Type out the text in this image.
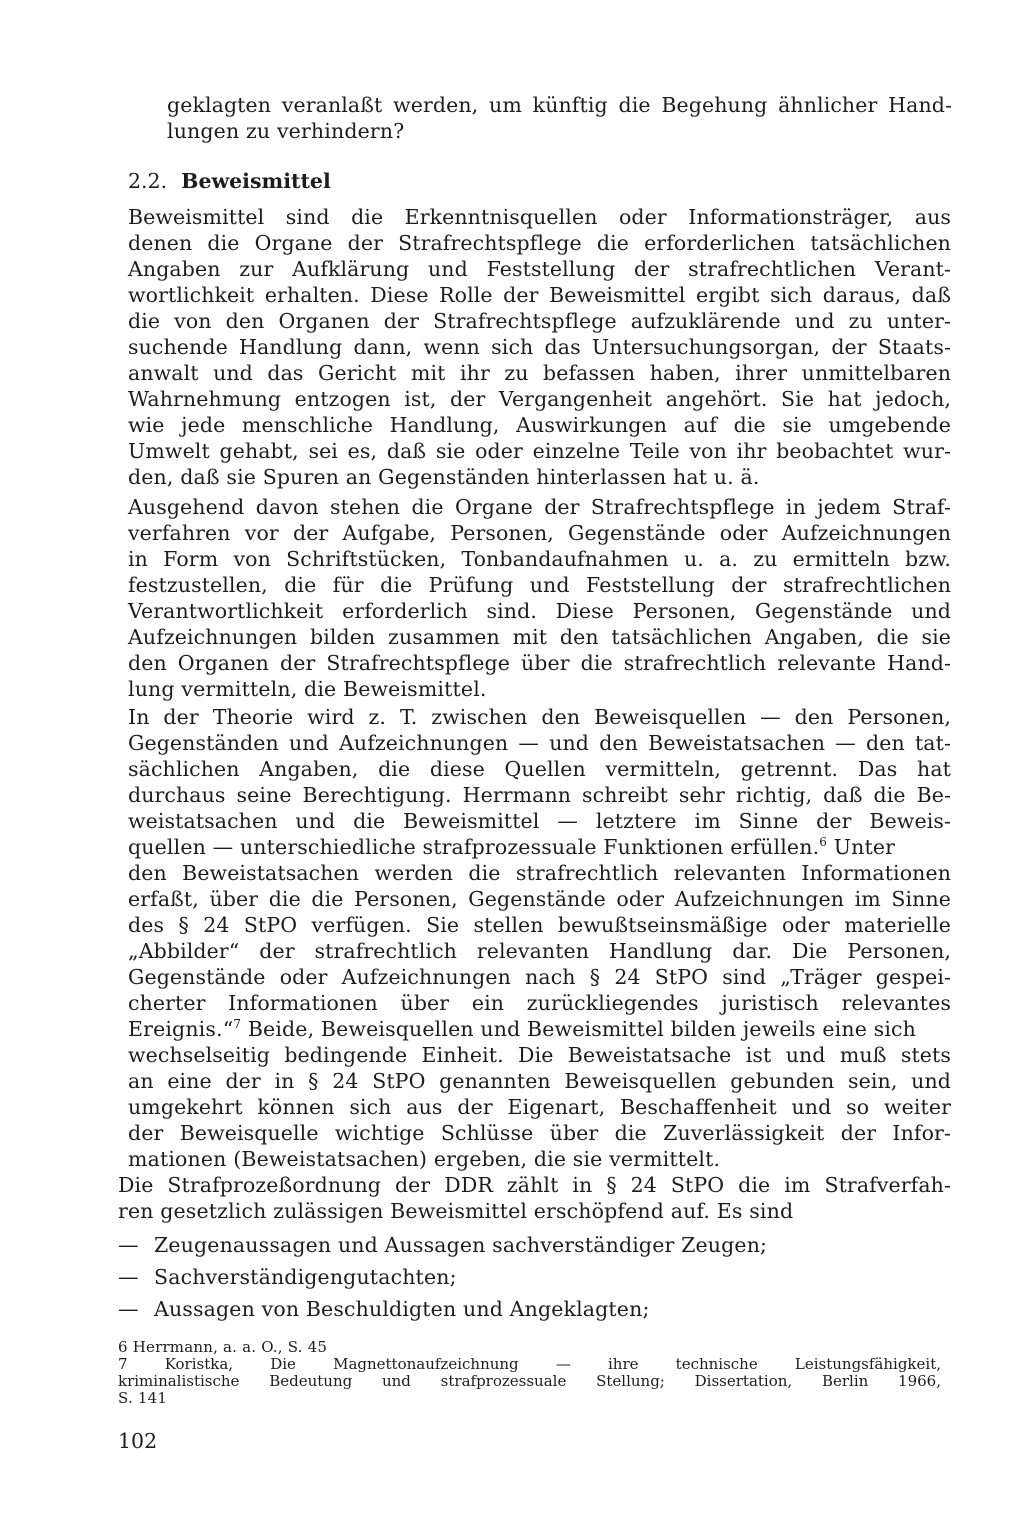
geklagten veranlaßt werden, um künftig die Begehung ähnlicher Hand-
lungen zu verhindern?
2.2. Beweismittel
Beweismittel sind die Erkenntnisquellen oder Informationsträger, aus
denen die Organe der Strafrechtspflege die erforderlichen tatsächlichen
Angaben zur Aufklärung und Feststellung der strafrechtlichen Verant-
wortlichkeit erhalten. Diese Rolle der Beweismittel ergibt sich daraus, daß
die von den Organen der Strafrechtspflege aufzuklärende und zu unter-
suchende Handlung dann, wenn sich das Untersuchungsorgan, der Staats-
anwalt und das Gericht mit ihr zu befassen haben, ihrer unmittelbaren
Wahrnehmung entzogen ist, der Vergangenheit angehört. Sie hat jedoch,
wie jede menschliche Handlung, Auswirkungen auf die sie umgebende
Umwelt gehabt, sei es, daß sie oder einzelne Teile von ihr beobachtet wur-
den, daß sie Spuren an Gegenständen hinterlassen hat u. ä.
Ausgehend davon stehen die Organe der Strafrechtspflege in jedem Straf-
verfahren vor der Aufgabe, Personen, Gegenstände oder Aufzeichnungen
in Form von Schriftstücken, Tonbandaufnahmen u. a. zu ermitteln bzw.
festzustellen, die für die Prüfung und Feststellung der strafrechtlichen
Verantwortlichkeit erforderlich sind. Diese Personen, Gegenstände und
Aufzeichnungen bilden zusammen mit den tatsächlichen Angaben, die sie
den Organen der Strafrechtspflege über die strafrechtlich relevante Hand-
lung vermitteln, die Beweismittel.
In der Theorie wird z. T. zwischen den Beweisquellen — den Personen,
Gegenständen und Aufzeichnungen — und den Beweistatsachen — den tat-
sächlichen Angaben, die diese Quellen vermitteln, getrennt. Das hat
durchaus seine Berechtigung. Herrmann schreibt sehr richtig, daß die Be-
weistatsachen und die Beweismittel — letztere im Sinne der Beweis-
quellen — unterschiedliche strafprozessuale Funktionen erfüllen.$^6$ Unter
den Beweistatsachen werden die strafrechtlich relevanten Informationen
erfaßt, über die die Personen, Gegenstände oder Aufzeichnungen im Sinne
des § 24 StPO verfügen. Sie stellen bewußtseinsmäßige oder materielle
„Abbilder“ der strafrechtlich relevanten Handlung dar. Die Personen,
Gegenstände oder Aufzeichnungen nach § 24 StPO sind „Träger gespei-
cherter Informationen über ein zurückliegendes juristisch relevantes
Ereignis.“$^7$ Beide, Beweisquellen und Beweismittel bilden jeweils eine sich
wechselseitig bedingende Einheit. Die Beweistatsache ist und muß stets
an eine der in § 24 StPO genannten Beweisquellen gebunden sein, und
umgekehrt können sich aus der Eigenart, Beschaffenheit und so weiter
der Beweisquelle wichtige Schlüsse über die Zuverlässigkeit der Infor-
mationen (Beweistatsachen) ergeben, die sie vermittelt.
Die Strafprozeßordnung der DDR zählt in § 24 StPO die im Strafverfah-
ren gesetzlich zulässigen Beweismittel erschöpfend auf. Es sind
— Zeugenaussagen und Aussagen sachverständiger Zeugen;
— Sachverständigengutachten;
— Aussagen von Beschuldigten und Angeklagten;
6 Herrmann, a. a. O., S. 45
7 Koristka, Die Magnettonaufzeichnung — ihre technische Leistungsfähigkeit,
kriminalistische Bedeutung und strafprozessuale Stellung; Dissertation, Berlin 1966,
S. 141
102
